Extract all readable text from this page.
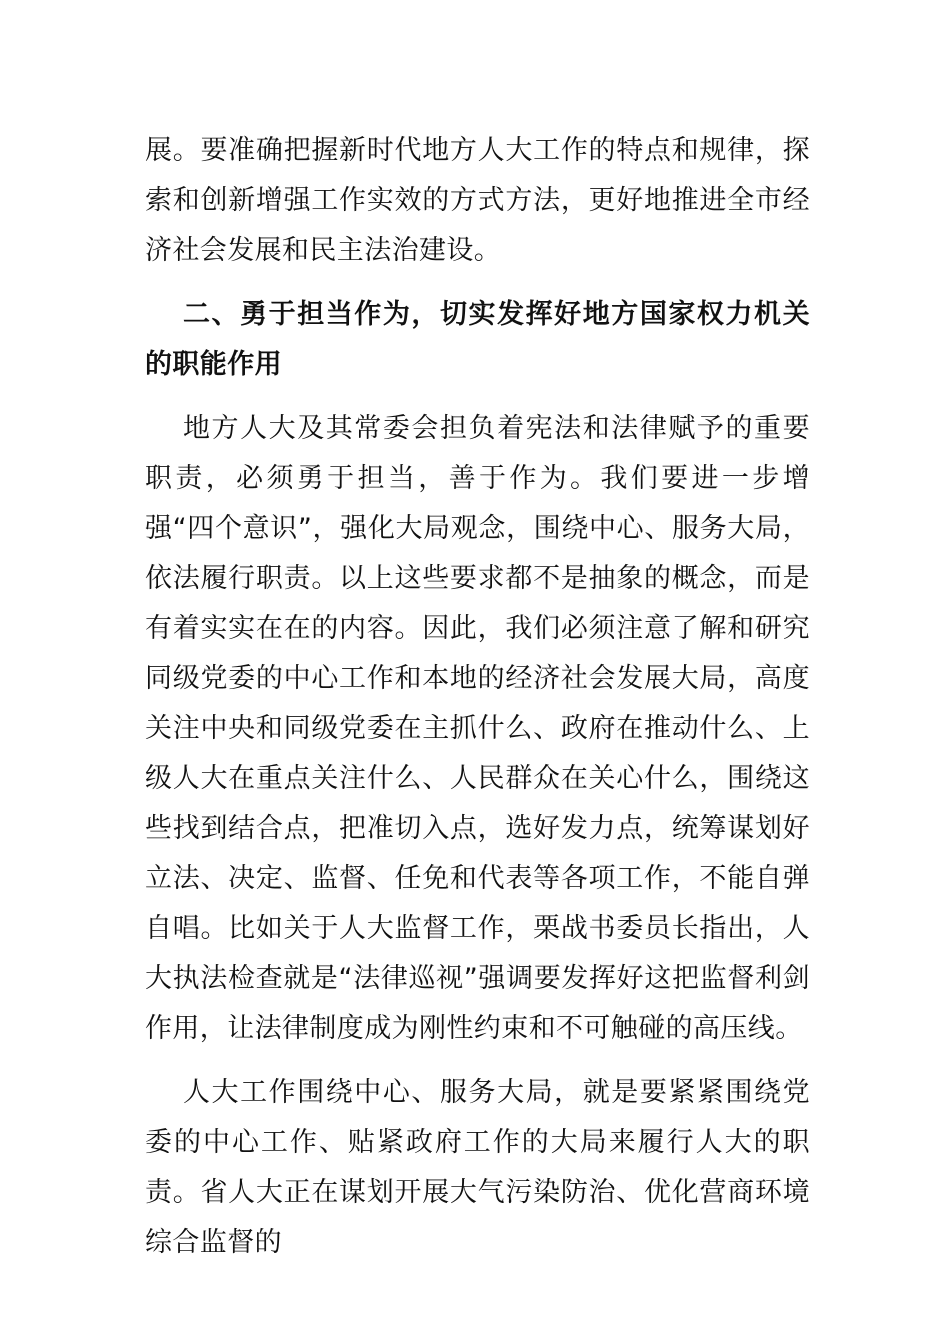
展。要准确把握新时代地方人大工作的特点和规律，探索和创新增强工作实效的方式方法，更好地推进全市经济社会发展和民主法治建设。

二、勇于担当作为，切实发挥好地方国家权力机关的职能作用

地方人大及其常委会担负着宪法和法律赋予的重要职责，必须勇于担当，善于作为。我们要进一步增强“四个意识”，强化大局观念，围绕中心、服务大局，依法履行职责。以上这些要求都不是抽象的概念，而是有着实实在在的内容。因此，我们必须注意了解和研究同级党委的中心工作和本地的经济社会发展大局，高度关注中央和同级党委在主抓什么、政府在推动什么、上级人大在重点关注什么、人民群众在关心什么，围绕这些找到结合点，把准切入点，选好发力点，统筹谋划好立法、决定、监督、任免和代表等各项工作，不能自弹自唱。比如关于人大监督工作，栗战书委员长指出，人大执法检查就是“法律巡视”强调要发挥好这把监督利剑作用，让法律制度成为刚性约束和不可触碰的高压线。

人大工作围绕中心、服务大局，就是要紧紧围绕党委的中心工作、贴紧政府工作的大局来履行人大的职责。省人大正在谋划开展大气污染防治、优化营商环境综合监督的
